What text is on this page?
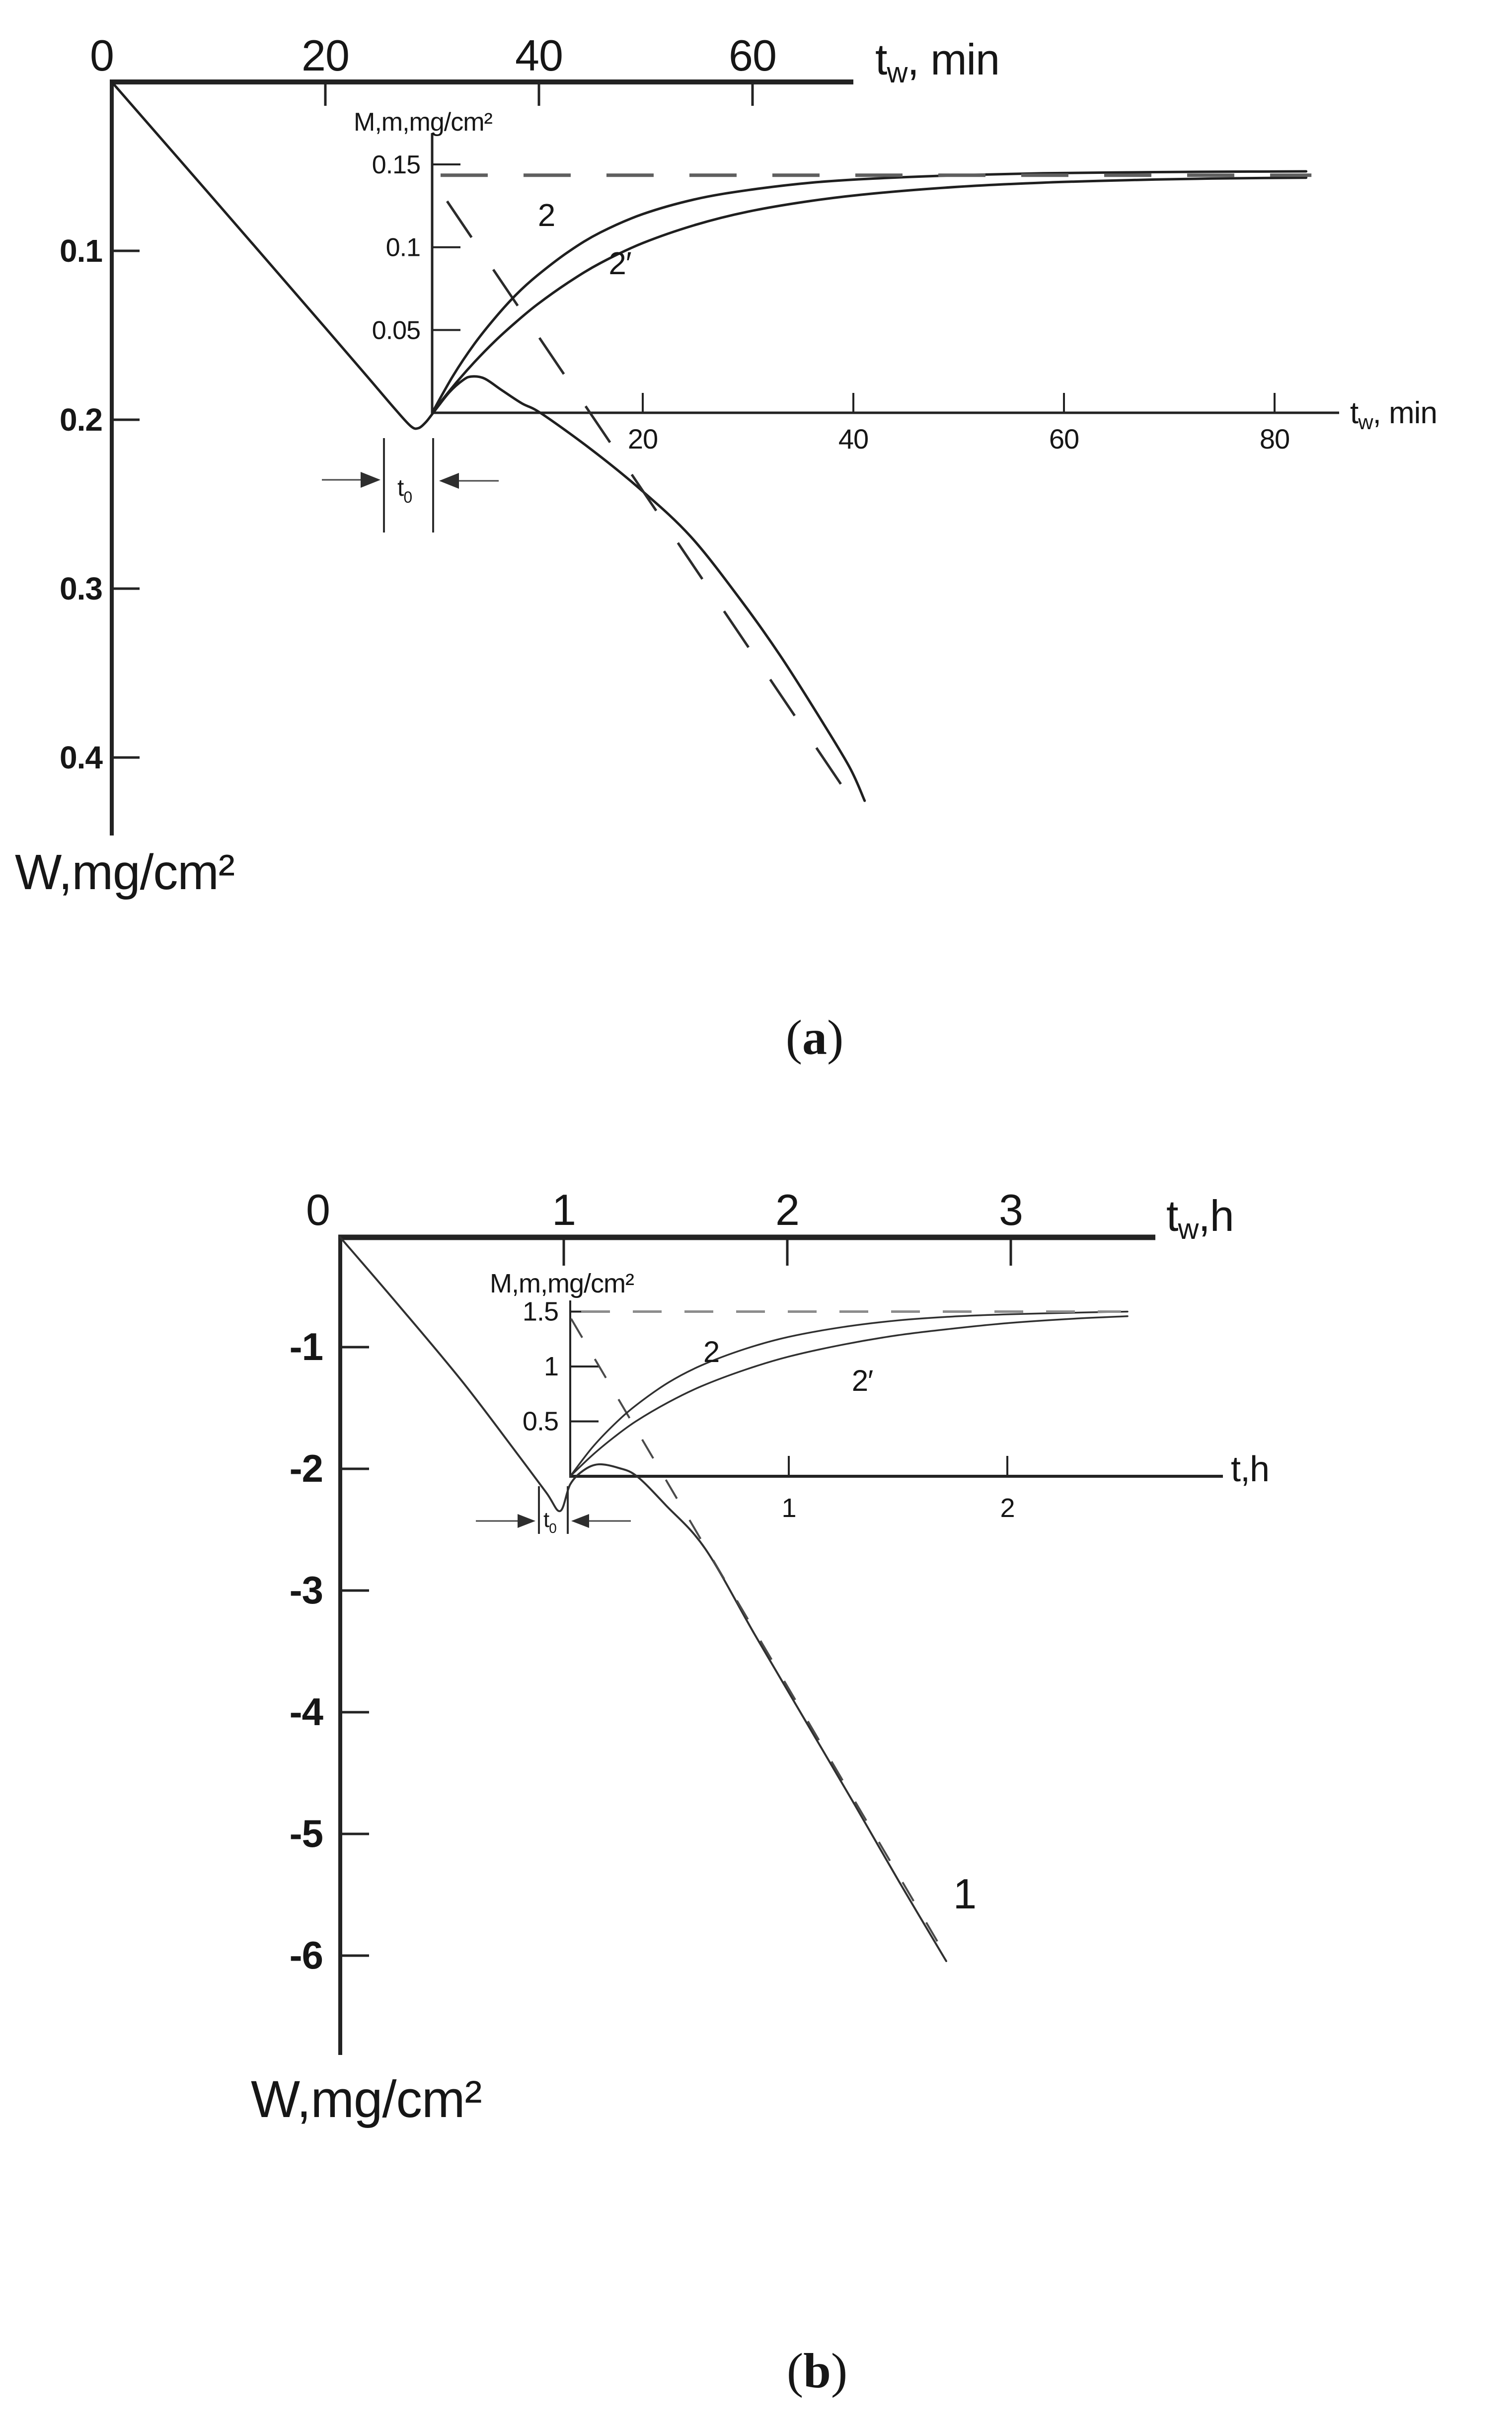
0	20	40	60
0.1
0.2
0.3
0.4
20	40	60	80
0.05
0.1
0.15
tw, min
W,mg/cm²
M,m,mg/cm²
tw, min
2
2′
$t_0$
(a)
0	1	2	3
-1
-2
-3
-4
-5
-6
1	2
0.5
1
1.5
tw,h
W,mg/cm²
M,m,mg/cm²
t,h
2
2′
1
$t_0$
(b)
